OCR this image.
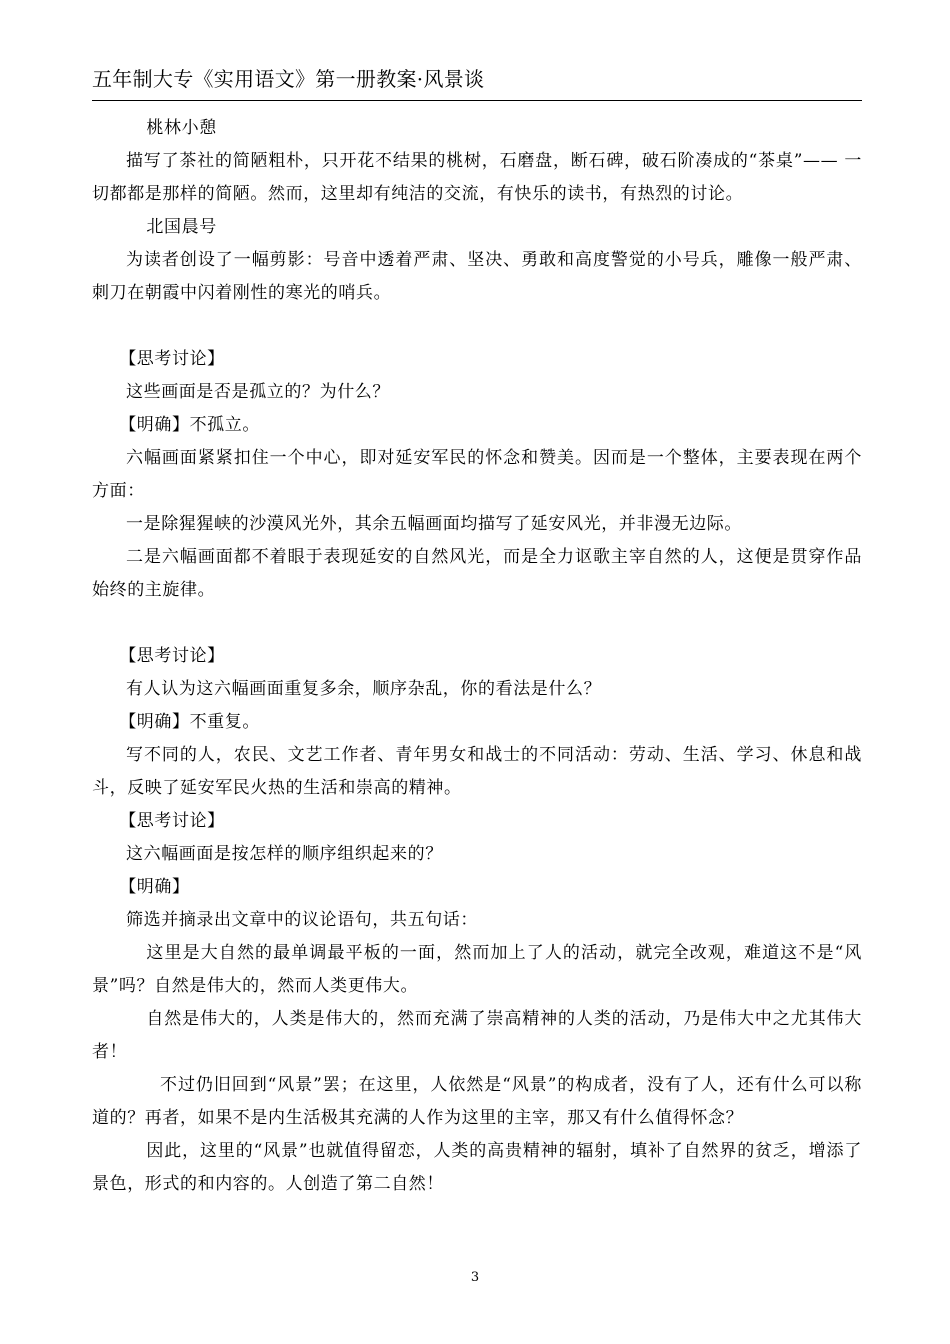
五年制大专《实用语文》第一册教案·风景谈

桃林小憩

描写了茶社的简陋粗朴，只开花不结果的桃树，石磨盘，断石碑，破石阶凑成的“茶桌”—— 一切都都是那样的简陋。然而，这里却有纯洁的交流，有快乐的读书，有热烈的讨论。

北国晨号

为读者创设了一幅剪影：号音中透着严肃、坚决、勇敢和高度警觉的小号兵，雕像一般严肃、刺刀在朝霞中闪着刚性的寒光的哨兵。

【思考讨论】

这些画面是否是孤立的？为什么？

【明确】不孤立。

六幅画面紧紧扣住一个中心，即对延安军民的怀念和赞美。因而是一个整体，主要表现在两个方面：

一是除猩猩峡的沙漠风光外，其余五幅画面均描写了延安风光，并非漫无边际。

二是六幅画面都不着眼于表现延安的自然风光，而是全力讴歌主宰自然的人，这便是贯穿作品始终的主旋律。

【思考讨论】

有人认为这六幅画面重复多余，顺序杂乱，你的看法是什么？

【明确】不重复。

写不同的人，农民、文艺工作者、青年男女和战士的不同活动：劳动、生活、学习、休息和战斗，反映了延安军民火热的生活和崇高的精神。

【思考讨论】

这六幅画面是按怎样的顺序组织起来的？

【明确】

筛选并摘录出文章中的议论语句，共五句话：

这里是大自然的最单调最平板的一面，然而加上了人的活动，就完全改观，难道这不是“风景”吗？自然是伟大的，然而人类更伟大。

自然是伟大的，人类是伟大的，然而充满了崇高精神的人类的活动，乃是伟大中之尤其伟大者！

不过仍旧回到“风景”罢；在这里，人依然是“风景”的构成者，没有了人，还有什么可以称道的？再者，如果不是内生活极其充满的人作为这里的主宰，那又有什么值得怀念？

因此，这里的“风景”也就值得留恋，人类的高贵精神的辐射，填补了自然界的贫乏，增添了景色，形式的和内容的。人创造了第二自然！

3
